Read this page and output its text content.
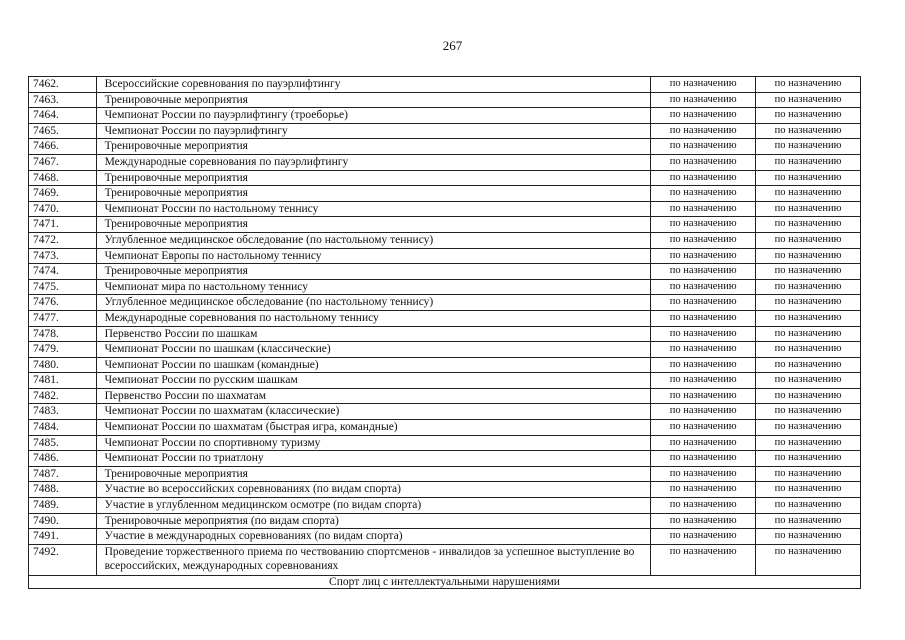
267
7462.	Всероссийские соревнования по пауэрлифтингу	по назначению	по назначению
7463.	Тренировочные мероприятия	по назначению	по назначению
7464.	Чемпионат России по пауэрлифтингу (троеборье)	по назначению	по назначению
7465.	Чемпионат России по пауэрлифтингу	по назначению	по назначению
7466.	Тренировочные мероприятия	по назначению	по назначению
7467.	Международные соревнования по пауэрлифтингу	по назначению	по назначению
7468.	Тренировочные мероприятия	по назначению	по назначению
7469.	Тренировочные мероприятия	по назначению	по назначению
7470.	Чемпионат России по настольному теннису	по назначению	по назначению
7471.	Тренировочные мероприятия	по назначению	по назначению
7472.	Углубленное медицинское обследование (по настольному теннису)	по назначению	по назначению
7473.	Чемпионат Европы по настольному теннису	по назначению	по назначению
7474.	Тренировочные мероприятия	по назначению	по назначению
7475.	Чемпионат мира по настольному теннису	по назначению	по назначению
7476.	Углубленное медицинское обследование (по настольному теннису)	по назначению	по назначению
7477.	Международные соревнования по настольному теннису	по назначению	по назначению
7478.	Первенство России по шашкам	по назначению	по назначению
7479.	Чемпионат России по шашкам (классические)	по назначению	по назначению
7480.	Чемпионат России по шашкам (командные)	по назначению	по назначению
7481.	Чемпионат России по русским шашкам	по назначению	по назначению
7482.	Первенство России по шахматам	по назначению	по назначению
7483.	Чемпионат России по шахматам (классические)	по назначению	по назначению
7484.	Чемпионат России по шахматам (быстрая игра, командные)	по назначению	по назначению
7485.	Чемпионат России по спортивному туризму	по назначению	по назначению
7486.	Чемпионат России по триатлону	по назначению	по назначению
7487.	Тренировочные мероприятия	по назначению	по назначению
7488.	Участие во всероссийских соревнованиях (по видам спорта)	по назначению	по назначению
7489.	Участие в углубленном медицинском осмотре (по видам спорта)	по назначению	по назначению
7490.	Тренировочные мероприятия (по видам спорта)	по назначению	по назначению
7491.	Участие в международных соревнованиях (по видам спорта)	по назначению	по назначению
7492.	Проведение торжественного приема по чествованию спортсменов - инвалидов за успешное выступление во всероссийских, международных соревнованиях	по назначению	по назначению
Спорт лиц с интеллектуальными нарушениями			
